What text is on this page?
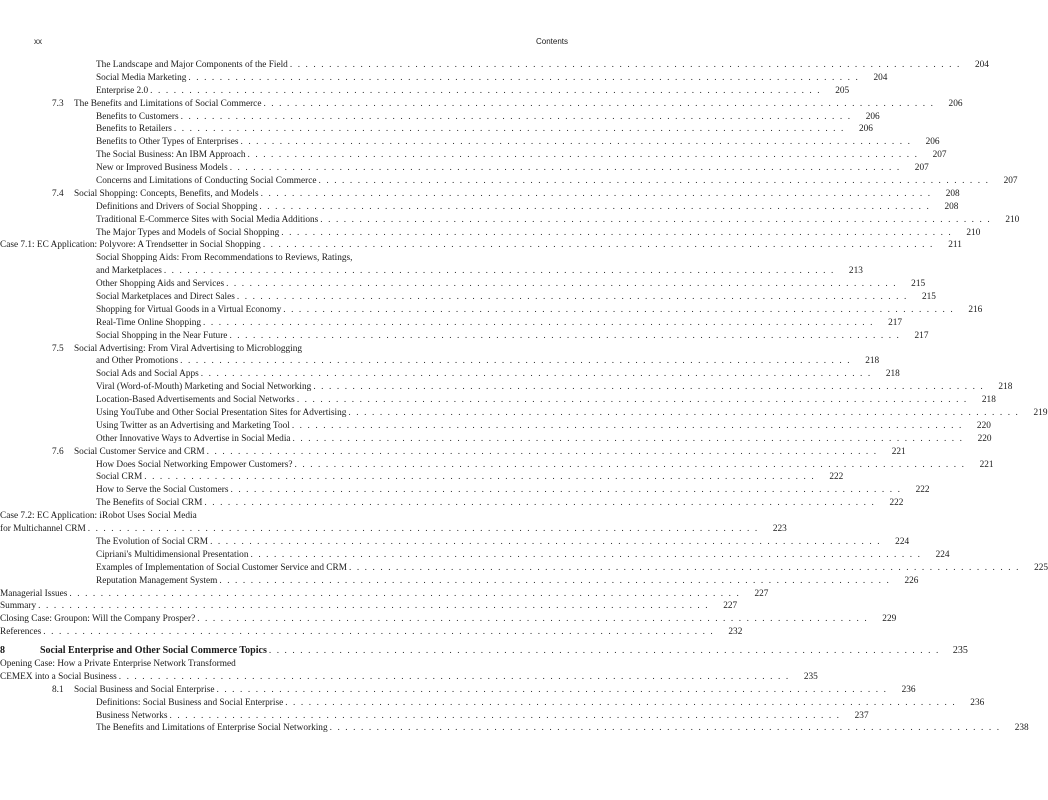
xx	Contents
The Landscape and Major Components of the Field . . .	204
Social Media Marketing . . .	204
Enterprise 2.0 . . .	205
7.3 The Benefits and Limitations of Social Commerce . . .	206
Benefits to Customers . . .	206
Benefits to Retailers . . .	206
Benefits to Other Types of Enterprises . . .	206
The Social Business: An IBM Approach . . .	207
New or Improved Business Models . . .	207
Concerns and Limitations of Conducting Social Commerce . . .	207
7.4 Social Shopping: Concepts, Benefits, and Models . . .	208
Definitions and Drivers of Social Shopping . . .	208
Traditional E-Commerce Sites with Social Media Additions . . .	210
The Major Types and Models of Social Shopping . . .	210
Case 7.1: EC Application: Polyvore: A Trendsetter in Social Shopping . . .	211
Social Shopping Aids: From Recommendations to Reviews, Ratings,
and Marketplaces . . .	213
Other Shopping Aids and Services . . .	215
Social Marketplaces and Direct Sales . . .	215
Shopping for Virtual Goods in a Virtual Economy . . .	216
Real-Time Online Shopping . . .	217
Social Shopping in the Near Future . . .	217
7.5 Social Advertising: From Viral Advertising to Microblogging
and Other Promotions . . .	218
Social Ads and Social Apps . . .	218
Viral (Word-of-Mouth) Marketing and Social Networking . . .	218
Location-Based Advertisements and Social Networks . . .	218
Using YouTube and Other Social Presentation Sites for Advertising . . .	219
Using Twitter as an Advertising and Marketing Tool . . .	220
Other Innovative Ways to Advertise in Social Media . . .	220
7.6 Social Customer Service and CRM . . .	221
How Does Social Networking Empower Customers? . . .	221
Social CRM . . .	222
How to Serve the Social Customers . . .	222
The Benefits of Social CRM . . .	222
Case 7.2: EC Application: iRobot Uses Social Media
for Multichannel CRM . . .	223
The Evolution of Social CRM . . .	224
Cipriani's Multidimensional Presentation . . .	224
Examples of Implementation of Social Customer Service and CRM . . .	225
Reputation Management System . . .	226
Managerial Issues . . .	227
Summary . . .	227
Closing Case: Groupon: Will the Company Prosper? . . .	229
References . . .	232
8	Social Enterprise and Other Social Commerce Topics . . .	235
Opening Case: How a Private Enterprise Network Transformed
CEMEX into a Social Business . . .	235
8.1 Social Business and Social Enterprise . . .	236
Definitions: Social Business and Social Enterprise . . .	236
Business Networks . . .	237
The Benefits and Limitations of Enterprise Social Networking . . .	238
